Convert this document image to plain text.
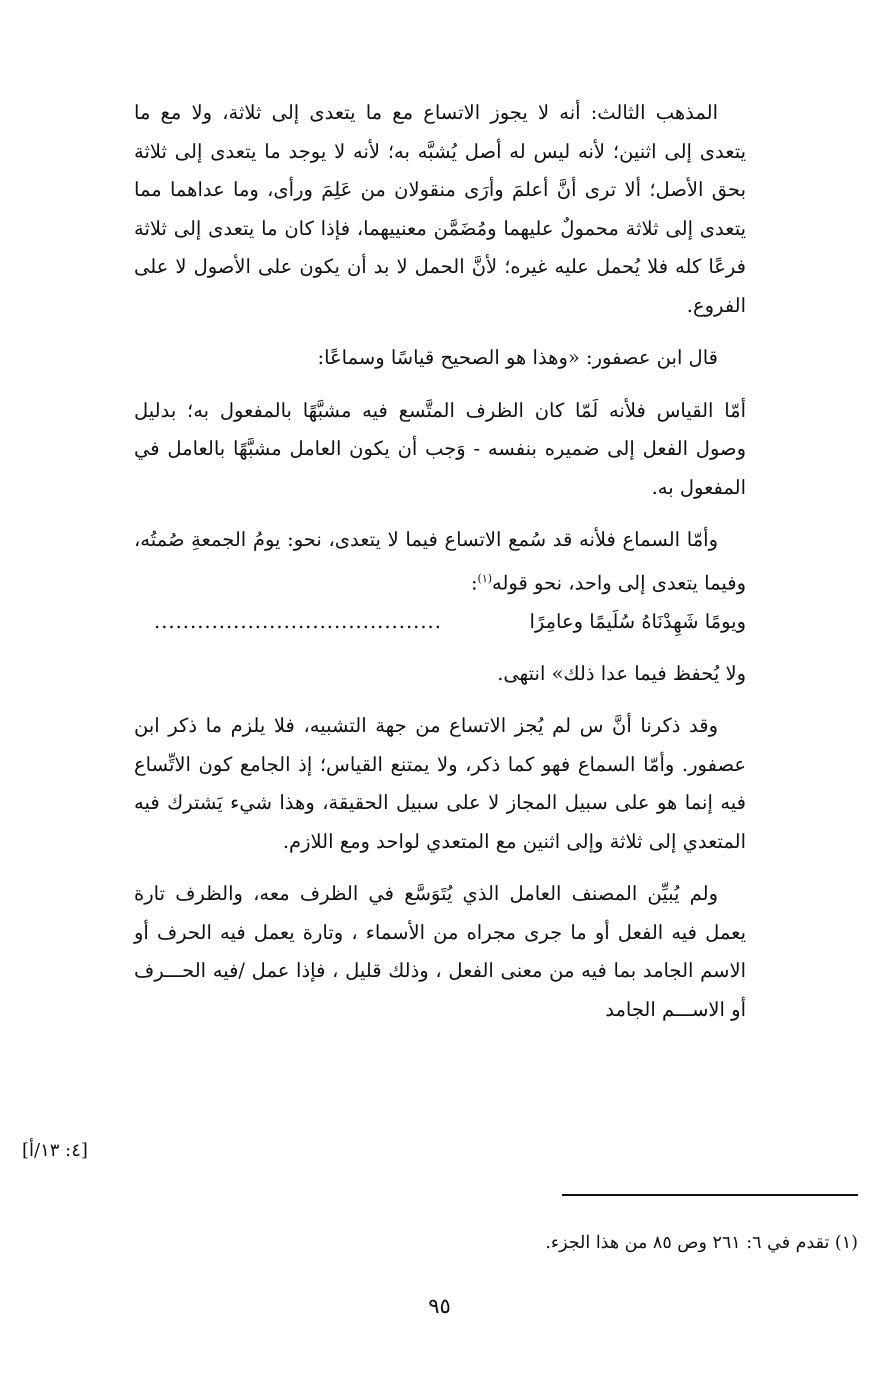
المذهب الثالث: أنه لا يجوز الاتساع مع ما يتعدى إلى ثلاثة، ولا مع ما يتعدى إلى اثنين؛ لأنه ليس له أصل يُشبَّه به؛ لأنه لا يوجد ما يتعدى إلى ثلاثة بحق الأصل؛ ألا ترى أنَّ أعلمَ وأرَى منقولان من عَلِمَ ورأى، وما عداهما مما يتعدى إلى ثلاثة محمولٌ عليهما ومُضَمَّن معنييهما، فإذا كان ما يتعدى إلى ثلاثة فرعًا كله فلا يُحمل عليه غيره؛ لأنَّ الحمل لا بد أن يكون على الأصول لا على الفروع.

قال ابن عصفور: «وهذا هو الصحيح قياسًا وسماعًا:

أمّا القياس فلأنه لَمّا كان الظرف المتَّسع فيه مشبَّهًا بالمفعول به؛ بدليل وصول الفعل إلى ضميره بنفسه - وَجب أن يكون العامل مشبَّهًا بالعامل في المفعول به.

وأمّا السماع فلأنه قد سُمع الاتساع فيما لا يتعدى، نحو: يومُ الجمعةِ صُمتُه، وفيما يتعدى إلى واحد، نحو قوله$^{(١)}$:

ويومًا شَهِدْنَاهُ سُلَيمًا وعامِرًا
........................................

ولا يُحفظ فيما عدا ذلك» انتهى.

وقد ذكرنا أنَّ س لم يُجز الاتساع من جهة التشبيه، فلا يلزم ما ذكر ابن عصفور. وأمّا السماع فهو كما ذكر، ولا يمتنع القياس؛ إذ الجامع كون الاتِّساع فيه إنما هو على سبيل المجاز لا على سبيل الحقيقة، وهذا شيء يَشترك فيه المتعدي إلى ثلاثة وإلى اثنين مع المتعدي لواحد ومع اللازم.

ولم يُبيِّن المصنف العامل الذي يُتَوَسَّع في الظرف معه، والظرف تارة يعمل فيه الفعل أو ما جرى مجراه من الأسماء ، وتارة يعمل فيه الحرف أو الاسم الجامد بما فيه من معنى الفعل ، وذلك قليل ، فإذا عمل /فيه الحـــرف أو الاســـم الجامد

[٤: ١٣/أ]
(١) تقدم في ٦: ٢٦١ وص ٨٥ من هذا الجزء.
٩٥
